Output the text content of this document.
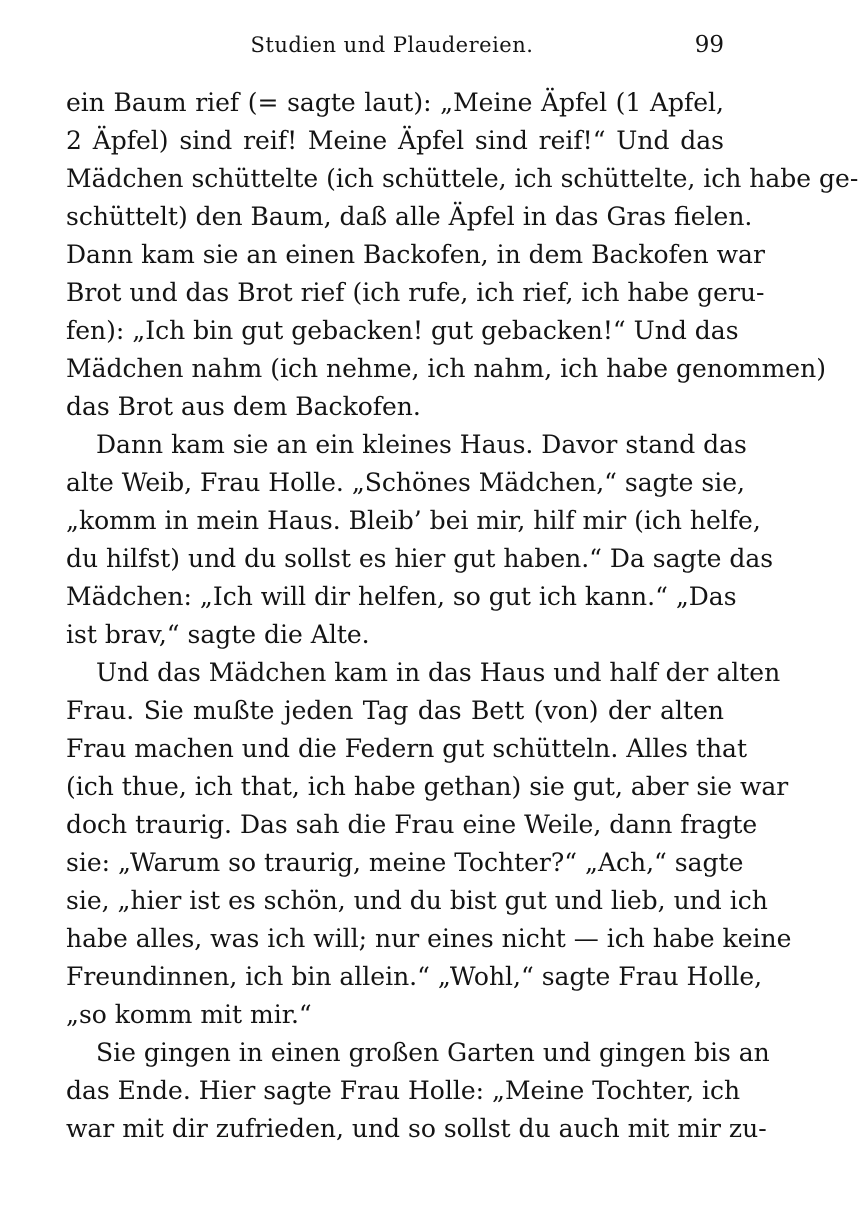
Studien und Plaudereien.	99
ein Baum rief (= sagte laut): „Meine Äpfel (1 Apfel,
2 Äpfel) sind reif! Meine Äpfel sind reif!“ Und das
Mädchen schüttelte (ich schüttele, ich schüttelte, ich habe ge-
schüttelt) den Baum, daß alle Äpfel in das Gras fielen.
Dann kam sie an einen Backofen, in dem Backofen war
Brot und das Brot rief (ich rufe, ich rief, ich habe geru-
fen): „Ich bin gut gebacken! gut gebacken!“ Und das
Mädchen nahm (ich nehme, ich nahm, ich habe genommen)
das Brot aus dem Backofen.
Dann kam sie an ein kleines Haus. Davor stand das
alte Weib, Frau Holle. „Schönes Mädchen,“ sagte sie,
„komm in mein Haus. Bleib’ bei mir, hilf mir (ich helfe,
du hilfst) und du sollst es hier gut haben.“ Da sagte das
Mädchen: „Ich will dir helfen, so gut ich kann.“ „Das
ist brav,“ sagte die Alte.
Und das Mädchen kam in das Haus und half der alten
Frau. Sie mußte jeden Tag das Bett (von) der alten
Frau machen und die Federn gut schütteln. Alles that
(ich thue, ich that, ich habe gethan) sie gut, aber sie war
doch traurig. Das sah die Frau eine Weile, dann fragte
sie: „Warum so traurig, meine Tochter?“ „Ach,“ sagte
sie, „hier ist es schön, und du bist gut und lieb, und ich
habe alles, was ich will; nur eines nicht — ich habe keine
Freundinnen, ich bin allein.“ „Wohl,“ sagte Frau Holle,
„so komm mit mir.“
Sie gingen in einen großen Garten und gingen bis an
das Ende. Hier sagte Frau Holle: „Meine Tochter, ich
war mit dir zufrieden, und so sollst du auch mit mir zu-
